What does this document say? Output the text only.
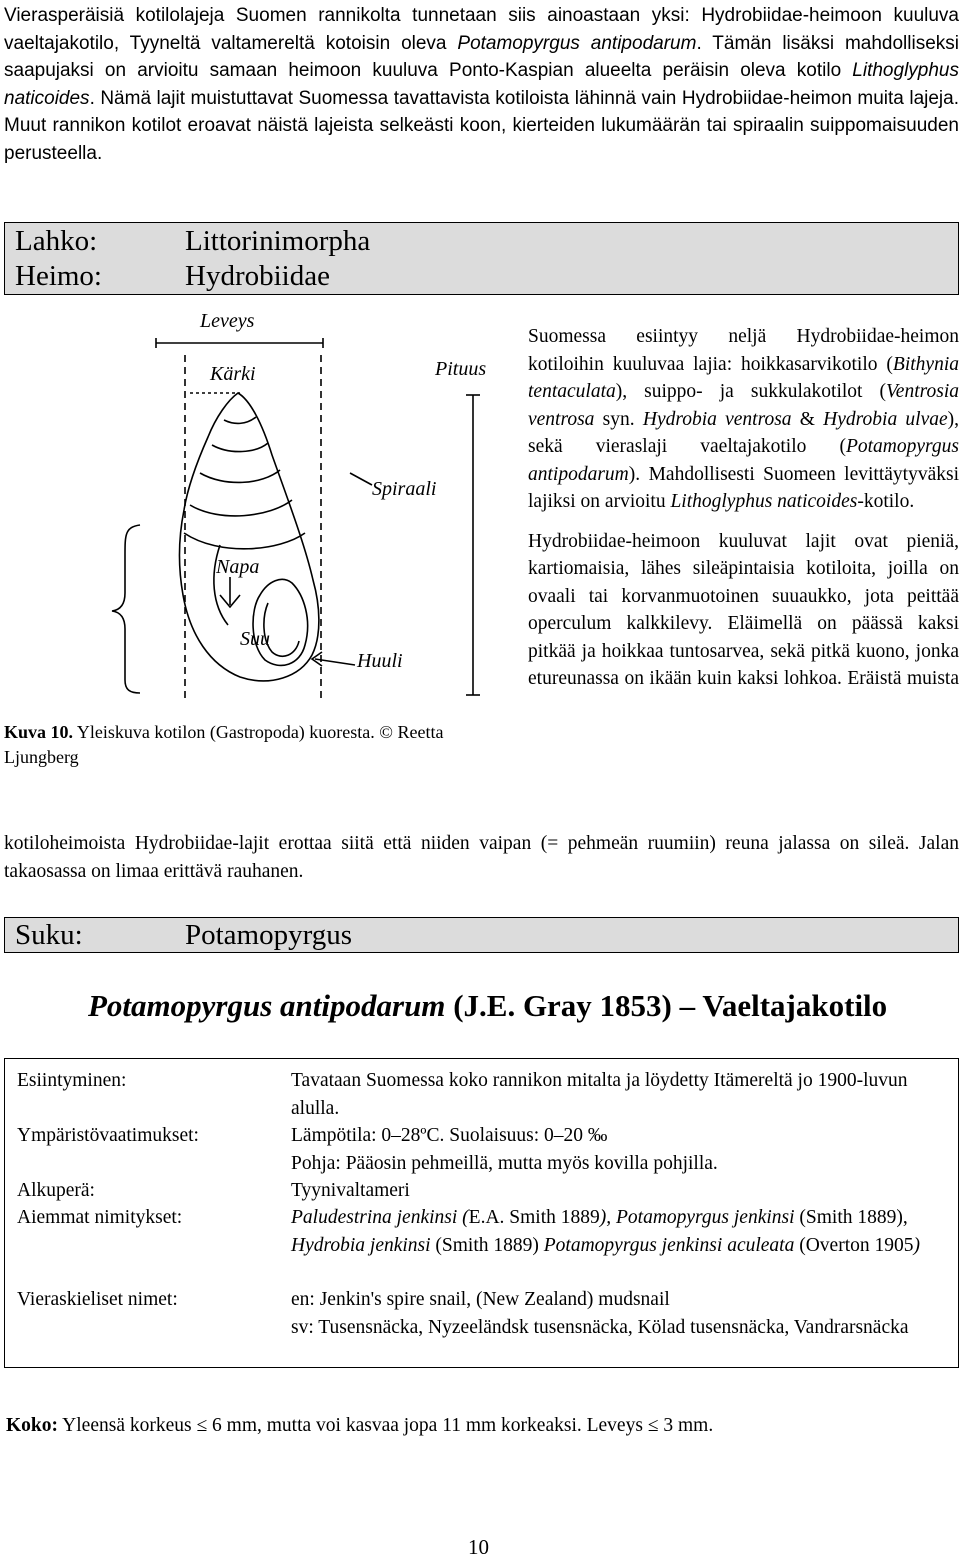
Vierasperäisiä kotilolajeja Suomen rannikolta tunnetaan siis ainoastaan yksi: Hydrobiidae-heimoon kuuluva vaeltajakotilo, Tyyneltä valtamereltä kotoisin oleva Potamopyrgus antipodarum. Tämän lisäksi mahdolliseksi saapujaksi on arvioitu samaan heimoon kuuluva Ponto-Kaspian alueelta peräisin oleva kotilo Lithoglyphus naticoides. Nämä lajit muistuttavat Suomessa tavattavista kotiloista lähinnä vain Hydrobiidae-heimon muita lajeja. Muut rannikon kotilot eroavat näistä lajeista selkeästi koon, kierteiden lukumäärän tai spiraalin suippomaisuuden perusteella.
Lahko:	Littorinimorpha
Heimo:	Hydrobiidae
Leveys
Kärki	Pituus
Spiraali
Napa
Suu
Huuli
Kuva 10. Yleiskuva kotilon (Gastropoda) kuoresta. © Reetta Ljungberg

Suomessa esiintyy neljä Hydrobiidae-heimon kotiloihin kuuluvaa lajia: hoikkasarvikotilo (Bithynia tentaculata), suippo- ja sukkulakotilot (Ventrosia ventrosa syn. Hydrobia ventrosa & Hydrobia ulvae), sekä vieraslaji vaeltajakotilo (Potamopyrgus antipodarum). Mahdollisesti Suomeen levittäytyväksi lajiksi on arvioitu Lithoglyphus naticoides-kotilo.

Hydrobiidae-heimoon kuuluvat lajit ovat pieniä, kartiomaisia, lähes sileäpintaisia kotiloita, joilla on ovaali tai korvanmuotoinen suuaukko, jota peittää operculum kalkkilevy. Eläimellä on päässä kaksi pitkää ja hoikkaa tuntosarvea, sekä pitkä kuono, jonka etureunassa on ikään kuin kaksi lohkoa. Eräistä muista

kotiloheimoista Hydrobiidae-lajit erottaa siitä että niiden vaipan (= pehmeän ruumiin) reuna jalassa on sileä. Jalan takaosassa on limaa erittävä rauhanen.
Suku:	Potamopyrgus
Potamopyrgus antipodarum (J.E. Gray 1853) – Vaeltajakotilo
Esiintyminen:	Tavataan Suomessa koko rannikon mitalta ja löydetty Itämereltä jo 1900-luvun alulla.
Ympäristövaatimukset:	Lämpötila: 0–28ºC. Suolaisuus: 0–20 ‰
Pohja: Pääosin pehmeillä, mutta myös kovilla pohjilla.
Alkuperä:	Tyynivaltameri
Aiemmat nimitykset:	Paludestrina jenkinsi (E.A. Smith 1889), Potamopyrgus jenkinsi (Smith 1889), Hydrobia jenkinsi (Smith 1889) Potamopyrgus jenkinsi aculeata (Overton 1905)
Vieraskieliset nimet:	en: Jenkin's spire snail, (New Zealand) mudsnail
sv: Tusensnäcka, Nyzeeländsk tusensnäcka, Kölad tusensnäcka, Vandrarsnäcka
Koko: Yleensä korkeus ≤ 6 mm, mutta voi kasvaa jopa 11 mm korkeaksi. Leveys ≤ 3 mm.
10
